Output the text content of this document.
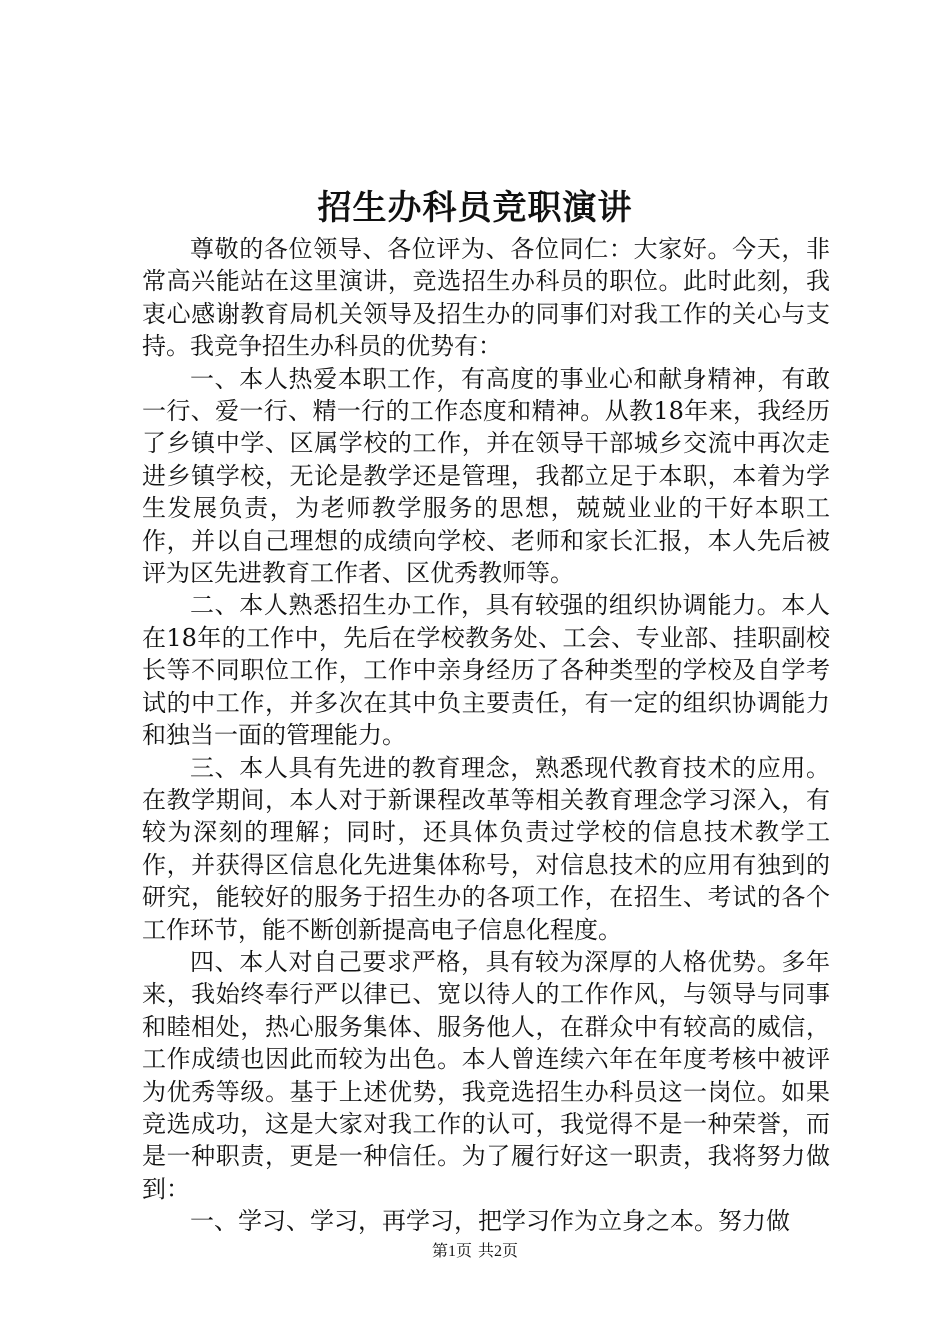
招生办科员竞职演讲

尊敬的各位领导、各位评为、各位同仁：大家好。今天，非常高兴能站在这里演讲，竞选招生办科员的职位。此时此刻，我衷心感谢教育局机关领导及招生办的同事们对我工作的关心与支持。我竞争招生办科员的优势有：

一、本人热爱本职工作，有高度的事业心和献身精神，有敢一行、爱一行、精一行的工作态度和精神。从教18年来，我经历了乡镇中学、区属学校的工作，并在领导干部城乡交流中再次走进乡镇学校，无论是教学还是管理，我都立足于本职，本着为学生发展负责，为老师教学服务的思想，兢兢业业的干好本职工作，并以自己理想的成绩向学校、老师和家长汇报，本人先后被评为区先进教育工作者、区优秀教师等。

二、本人熟悉招生办工作，具有较强的组织协调能力。本人在18年的工作中，先后在学校教务处、工会、专业部、挂职副校长等不同职位工作，工作中亲身经历了各种类型的学校及自学考试的中工作，并多次在其中负主要责任，有一定的组织协调能力和独当一面的管理能力。

三、本人具有先进的教育理念，熟悉现代教育技术的应用。在教学期间，本人对于新课程改革等相关教育理念学习深入，有较为深刻的理解；同时，还具体负责过学校的信息技术教学工作，并获得区信息化先进集体称号，对信息技术的应用有独到的研究，能较好的服务于招生办的各项工作，在招生、考试的各个工作环节，能不断创新提高电子信息化程度。

四、本人对自己要求严格，具有较为深厚的人格优势。多年来，我始终奉行严以律已、宽以待人的工作作风，与领导与同事和睦相处，热心服务集体、服务他人，在群众中有较高的威信，工作成绩也因此而较为出色。本人曾连续六年在年度考核中被评为优秀等级。基于上述优势，我竞选招生办科员这一岗位。如果竞选成功，这是大家对我工作的认可，我觉得不是一种荣誉，而是一种职责，更是一种信任。为了履行好这一职责，我将努力做到：

一、学习、学习，再学习，把学习作为立身之本。努力做

第1页 共2页
